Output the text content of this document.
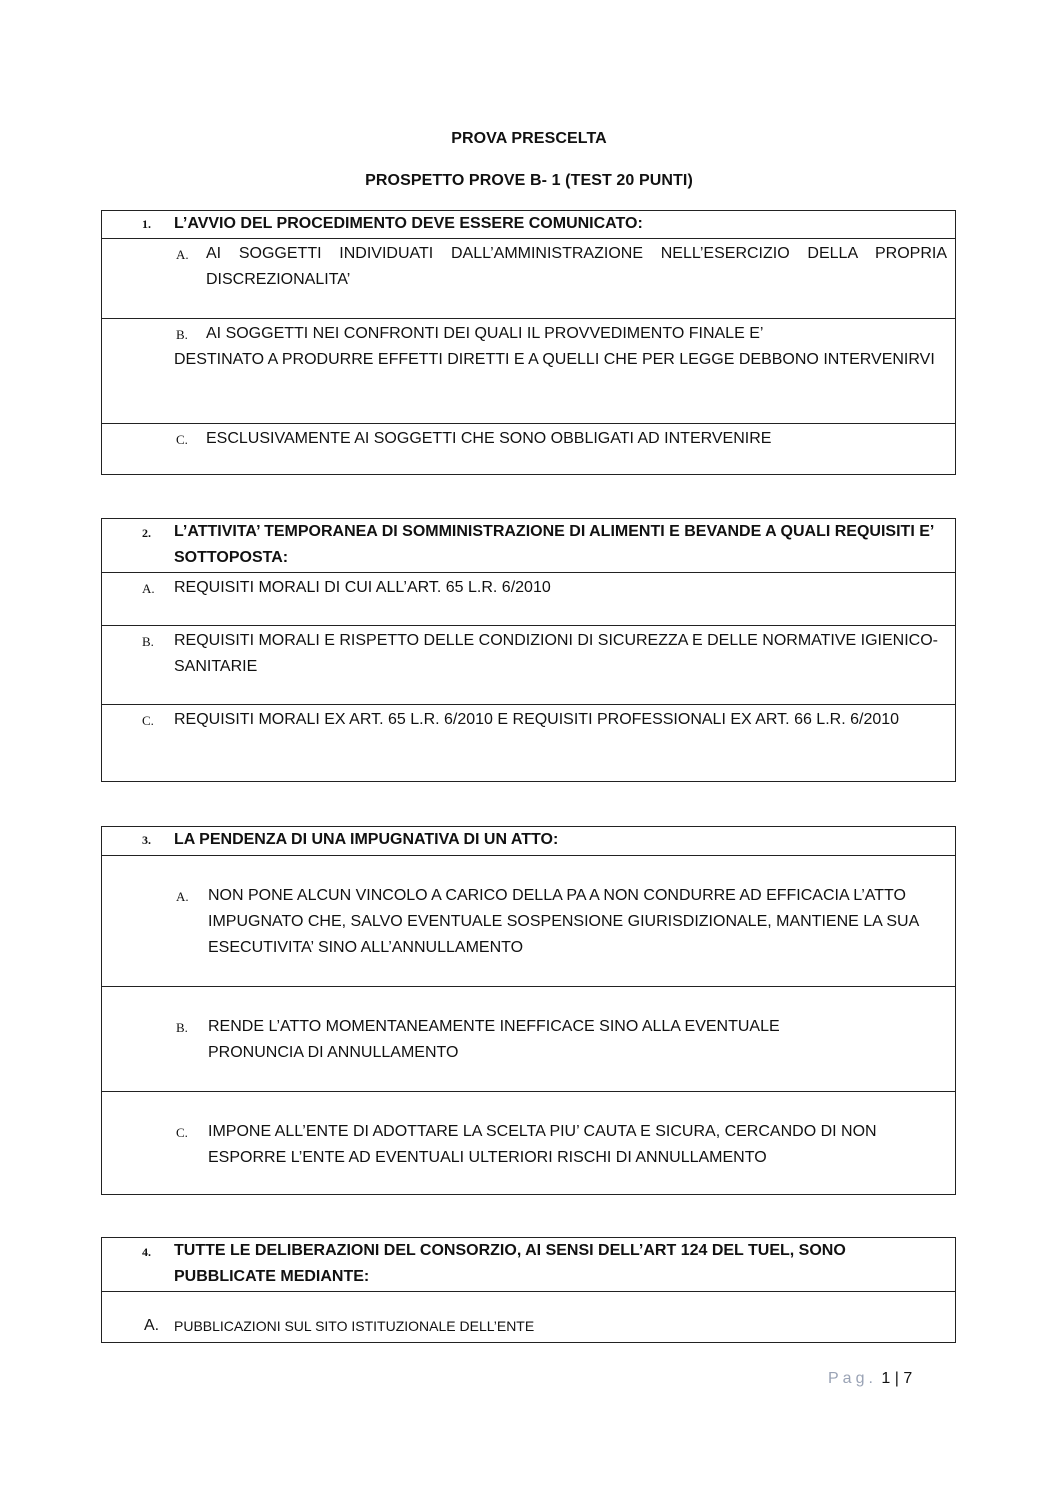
PROVA PRESCELTA
PROSPETTO PROVE B- 1 (TEST 20 PUNTI)
1. L’AVVIO DEL PROCEDIMENTO DEVE ESSERE COMUNICATO:
A. AI SOGGETTI INDIVIDUATI DALL’AMMINISTRAZIONE NELL’ESERCIZIO DELLA PROPRIA DISCREZIONALITA’
B. AI SOGGETTI NEI CONFRONTI DEI QUALI IL PROVVEDIMENTO FINALE E’
DESTINATO A PRODURRE EFFETTI DIRETTI E A QUELLI CHE PER LEGGE DEBBONO INTERVENIRVI
C. ESCLUSIVAMENTE AI SOGGETTI CHE SONO OBBLIGATI AD INTERVENIRE
2. L’ATTIVITA’ TEMPORANEA DI SOMMINISTRAZIONE DI ALIMENTI E BEVANDE A QUALI REQUISITI E’ SOTTOPOSTA:
A. REQUISITI MORALI DI CUI ALL’ART. 65 L.R. 6/2010
B. REQUISITI MORALI E RISPETTO DELLE CONDIZIONI DI SICUREZZA E DELLE NORMATIVE IGIENICO-SANITARIE
C. REQUISITI MORALI EX ART. 65 L.R. 6/2010 E REQUISITI PROFESSIONALI EX ART. 66 L.R. 6/2010
3. LA PENDENZA DI UNA IMPUGNATIVA DI UN ATTO:
A. NON PONE ALCUN VINCOLO A CARICO DELLA PA A NON CONDURRE AD EFFICACIA L’ATTO IMPUGNATO CHE, SALVO EVENTUALE SOSPENSIONE GIURISDIZIONALE, MANTIENE LA SUA ESECUTIVITA’ SINO ALL’ANNULLAMENTO
B. RENDE L’ATTO MOMENTANEAMENTE INEFFICACE SINO ALLA EVENTUALE PRONUNCIA DI ANNULLAMENTO
C. IMPONE ALL’ENTE DI ADOTTARE LA SCELTA PIU’ CAUTA E SICURA, CERCANDO DI NON ESPORRE L’ENTE AD EVENTUALI ULTERIORI RISCHI DI ANNULLAMENTO
4. TUTTE LE DELIBERAZIONI DEL CONSORZIO, AI SENSI DELL’ART 124 DEL TUEL, SONO PUBBLICATE MEDIANTE:
A. PUBBLICAZIONI SUL SITO ISTITUZIONALE DELL’ENTE
Pag. 1 | 7
